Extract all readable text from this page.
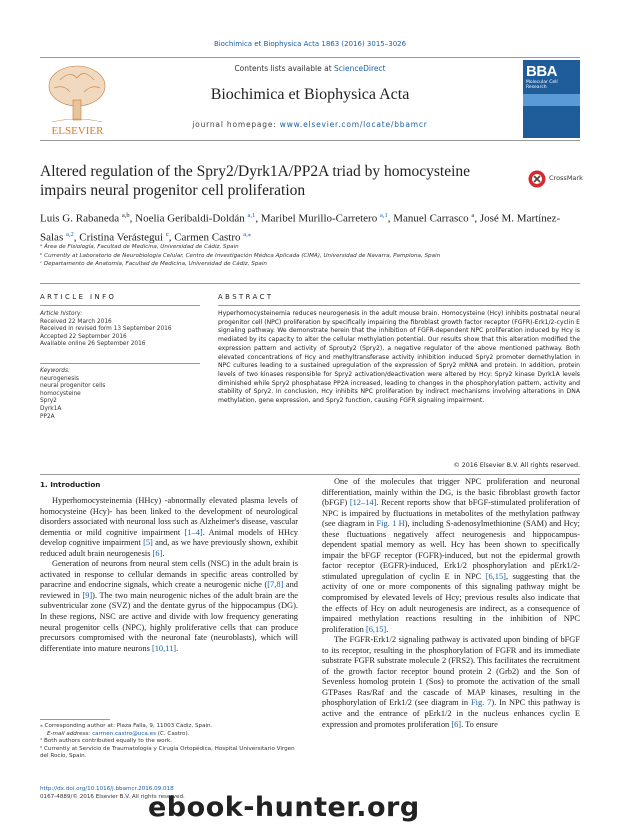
Biochimica et Biophysica Acta 1863 (2016) 3015–3026
ELSEVIER
Contents lists available at ScienceDirect
Biochimica et Biophysica Acta
journal homepage: www.elsevier.com/locate/bbamcr
BBA
Molecular Cell Research
Altered regulation of the Spry2/Dyrk1A/PP2A triad by homocysteine impairs neural progenitor cell proliferation
CrossMark
Luis G. Rabaneda $^{a,b}$, Noelia Geribaldi-Doldán $^{a,1}$, Maribel Murillo-Carretero $^{a,1}$, Manuel Carrasco $^a$, José M. Martínez-Salas $^{a,2}$, Cristina Verástegui $^c$, Carmen Castro $^{a,⁎}$
ᵃ Área de Fisiología, Facultad de Medicina, Universidad de Cádiz, Spain
ᵇ Currently at Laboratorio de Neurobiología Celular, Centro de Investigación Médica Aplicada (CIMA), Universidad de Navarra, Pamplona, Spain
ᶜ Departamento de Anatomía, Facultad de Medicina, Universidad de Cádiz, Spain
ARTICLE INFO	ABSTRACT
Article history:
Received 22 March 2016
Received in revised form 13 September 2016
Accepted 22 September 2016
Available online 26 September 2016
Keywords:
neurogenesis
neural progenitor cells
homocysteine
Spry2
Dyrk1A
PP2A
Hyperhomocysteinemia reduces neurogenesis in the adult mouse brain. Homocysteine (Hcy) inhibits postnatal neural progenitor cell (NPC) proliferation by specifically impairing the fibroblast growth factor receptor (FGFR)-Erk1/2-cyclin E signaling pathway. We demonstrate herein that the inhibition of FGFR-dependent NPC proliferation induced by Hcy is mediated by its capacity to alter the cellular methylation potential. Our results show that this alteration modified the expression pattern and activity of Sprouty2 (Spry2), a negative regulator of the above mentioned pathway. Both elevated concentrations of Hcy and methyltransferase activity inhibition induced Spry2 promoter demethylation in NPC cultures leading to a sustained upregulation of the expression of Spry2 mRNA and protein. In addition, protein levels of two kinases responsible for Spry2 activation/deactivation were altered by Hcy: Spry2 kinase Dyrk1A levels diminished while Spry2 phosphatase PP2A increased, leading to changes in the phosphorylation pattern, activity and stability of Spry2. In conclusion, Hcy inhibits NPC proliferation by indirect mechanisms involving alterations in DNA methylation, gene expression, and Spry2 function, causing FGFR signaling impairment.
© 2016 Elsevier B.V. All rights reserved.
1. Introduction

Hyperhomocysteinemia (HHcy) -abnormally elevated plasma levels of homocysteine (Hcy)- has been linked to the development of neurological disorders associated with neuronal loss such as Alzheimer's disease, vascular dementia or mild cognitive impairment [1–4]. Animal models of HHcy develop cognitive impairment [5] and, as we have previously shown, exhibit reduced adult brain neurogenesis [6].

Generation of neurons from neural stem cells (NSC) in the adult brain is activated in response to cellular demands in specific areas controlled by paracrine and endocrine signals, which create a neurogenic niche ([7,8] and reviewed in [9]). The two main neurogenic niches of the adult brain are the subventricular zone (SVZ) and the dentate gyrus of the hippocampus (DG). In these regions, NSC are active and divide with low frequency generating neural progenitor cells (NPC), highly proliferative cells that can produce precursors compromised with the neuronal fate (neuroblasts), which will differentiate into mature neurons [10,11].

One of the molecules that trigger NPC proliferation and neuronal differentiation, mainly within the DG, is the basic fibroblast growth factor (bFGF) [12–14]. Recent reports show that bFGF-stimulated proliferation of NPC is impaired by fluctuations in metabolites of the methylation pathway (see diagram in Fig. 1 H), including S-adenosylmethionine (SAM) and Hcy; these fluctuations negatively affect neurogenesis and hippocampus-dependent spatial memory as well. Hcy has been shown to specifically impair the bFGF receptor (FGFR)-induced, but not the epidermal growth factor receptor (EGFR)-induced, Erk1/2 phosphorylation and pErk1/2-stimulated upregulation of cyclin E in NPC [6,15], suggesting that the activity of one or more components of this signaling pathway might be compromised by elevated levels of Hcy; previous results also indicate that the effects of Hcy on adult neurogenesis are indirect, as a consequence of impaired methylation reactions resulting in the inhibition of NPC proliferation [6,15].

The FGFR-Erk1/2 signaling pathway is activated upon binding of bFGF to its receptor, resulting in the phosphorylation of FGFR and its immediate substrate FGFR substrate molecule 2 (FRS2). This facilitates the recruitment of the growth factor receptor bound protein 2 (Grb2) and the Son of Sevenless homolog protein 1 (Sos) to promote the activation of the small GTPases Ras/Raf and the cascade of MAP kinases, resulting in the phosphorylation of Erk1/2 (see diagram in Fig. 7). In NPC this pathway is active and the entrance of pErk1/2 in the nucleus enhances cyclin E expression and promotes proliferation [6]. To ensure

⁎ Corresponding author at: Plaza Falla, 9, 11003 Cádiz, Spain.
E-mail address: carmen.castro@uca.es (C. Castro).
¹ Both authors contributed equally to the work.
² Currently at Servicio de Traumatología y Cirugía Ortopédica, Hospital Universitario Virgen del Rocío, Spain.
http://dx.doi.org/10.1016/j.bbamcr.2016.09.018
0167-4889/© 2016 Elsevier B.V. All rights reserved.
ebook-hunter.org
